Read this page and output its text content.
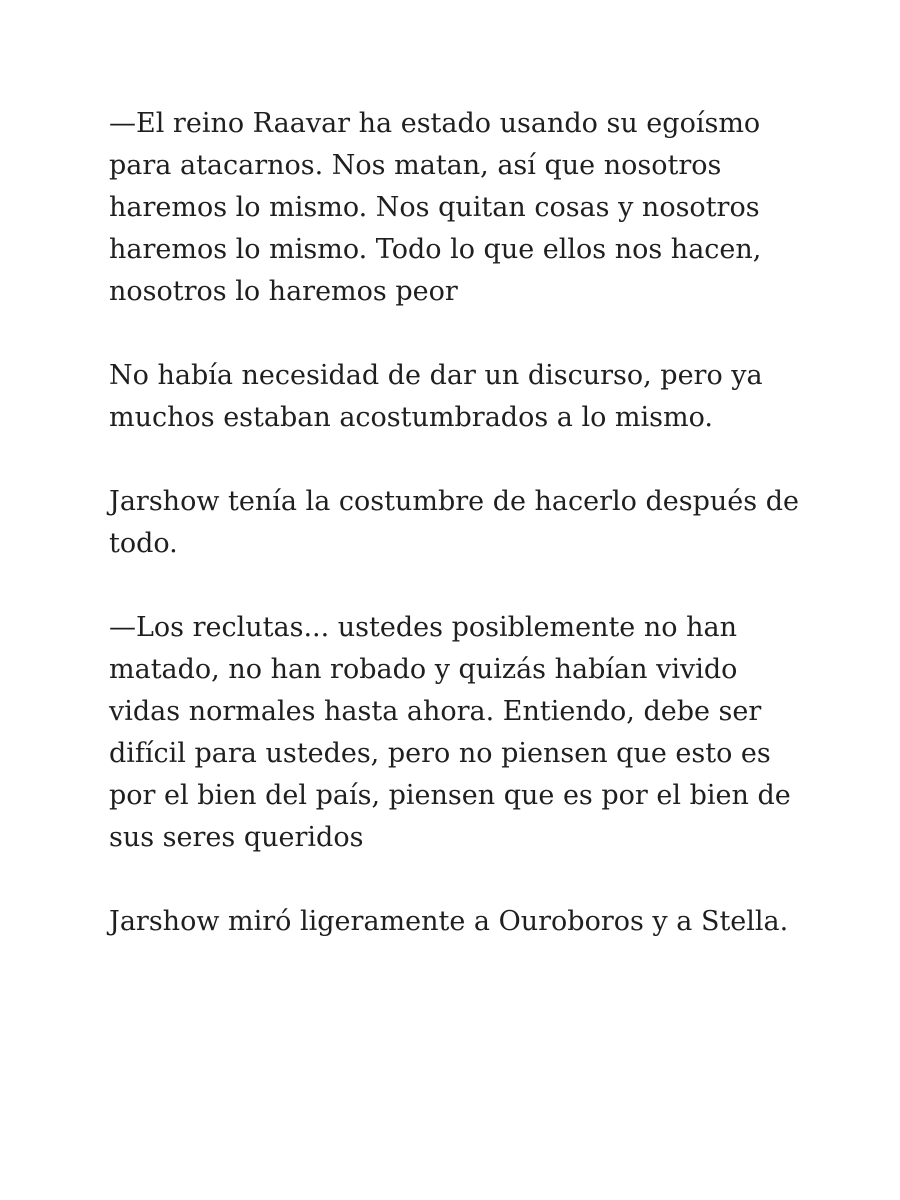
—El reino Raavar ha estado usando su egoísmo para atacarnos. Nos matan, así que nosotros haremos lo mismo. Nos quitan cosas y nosotros haremos lo mismo. Todo lo que ellos nos hacen, nosotros lo haremos peor

No había necesidad de dar un discurso, pero ya muchos estaban acostumbrados a lo mismo.

Jarshow tenía la costumbre de hacerlo después de todo.

—Los reclutas... ustedes posiblemente no han matado, no han robado y quizás habían vivido vidas normales hasta ahora. Entiendo, debe ser difícil para ustedes, pero no piensen que esto es por el bien del país, piensen que es por el bien de sus seres queridos

Jarshow miró ligeramente a Ouroboros y a Stella.
